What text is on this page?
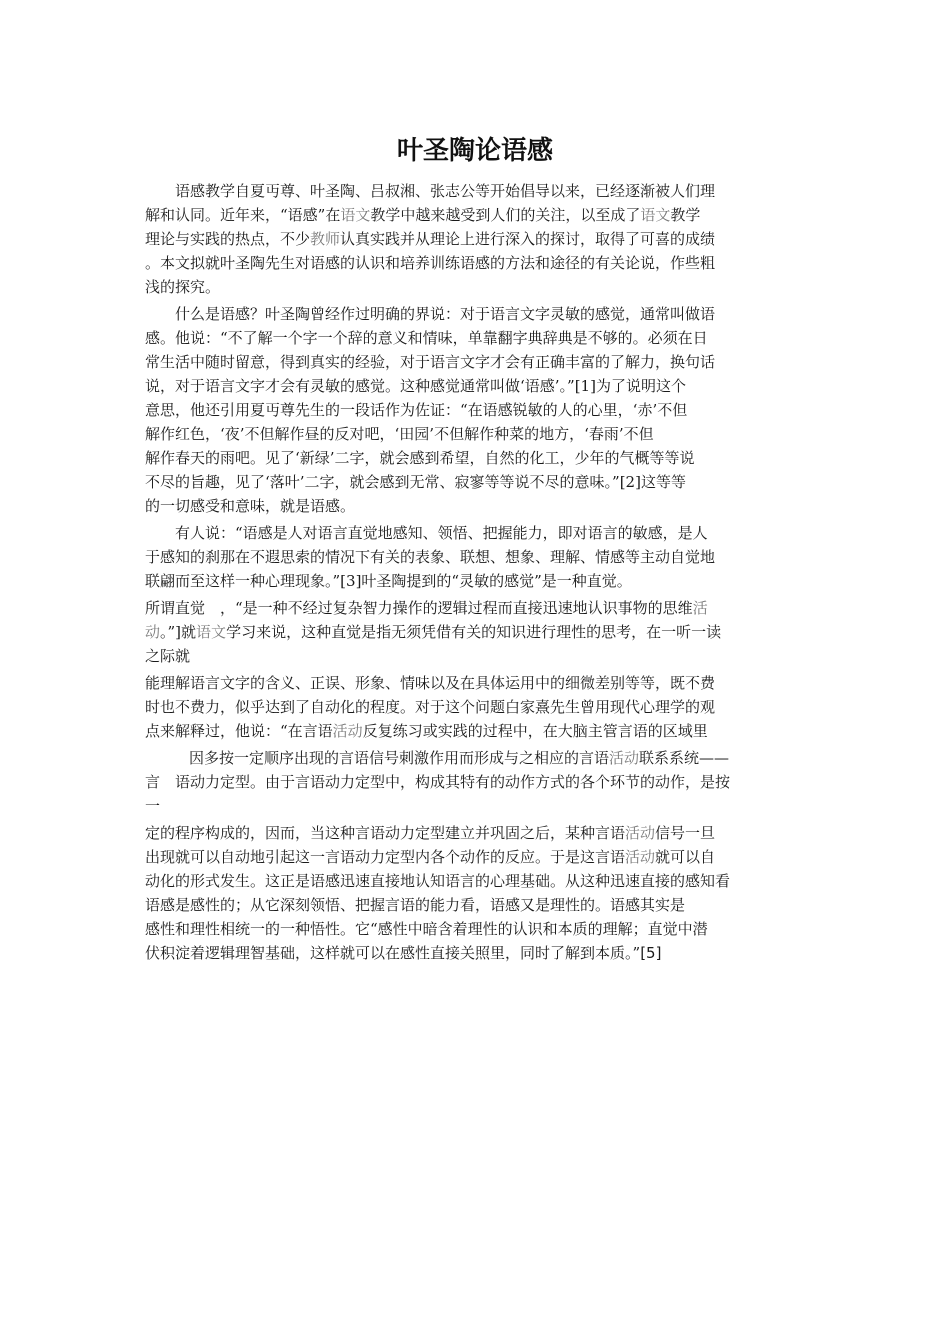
叶圣陶论语感
语感教学自夏丏尊、叶圣陶、吕叔湘、张志公等开始倡导以来，已经逐渐被人们理
解和认同。近年来，“语感”在语文教学中越来越受到人们的关注，以至成了语文教学
理论与实践的热点，不少教师认真实践并从理论上进行深入的探讨，取得了可喜的成绩
。本文拟就叶圣陶先生对语感的认识和培养训练语感的方法和途径的有关论说，作些粗
浅的探究。
什么是语感？叶圣陶曾经作过明确的界说：对于语言文字灵敏的感觉，通常叫做语
感。他说：“不了解一个字一个辞的意义和情味，单靠翻字典辞典是不够的。必须在日
常生活中随时留意，得到真实的经验，对于语言文字才会有正确丰富的了解力，换句话
说，对于语言文字才会有灵敏的感觉。这种感觉通常叫做‘语感’。”[1]为了说明这个
意思，他还引用夏丏尊先生的一段话作为佐证：“在语感锐敏的人的心里，‘赤’不但
解作红色，‘夜’不但解作昼的反对吧，‘田园’不但解作种菜的地方，‘春雨’不但
解作春天的雨吧。见了‘新绿’二字，就会感到希望，自然的化工，少年的气概等等说
不尽的旨趣，见了‘落叶’二字，就会感到无常、寂寥等等说不尽的意味。”[2]这等等
的一切感受和意味，就是语感。
有人说：“语感是人对语言直觉地感知、领悟、把握能力，即对语言的敏感，是人
于感知的刹那在不遐思索的情况下有关的表象、联想、想象、理解、情感等主动自觉地
联翩而至这样一种心理现象。”[3]叶圣陶提到的“灵敏的感觉”是一种直觉。
所谓直觉　，“是一种不经过复杂智力操作的逻辑过程而直接迅速地认识事物的思维活
动。”]就语文学习来说，这种直觉是指无须凭借有关的知识进行理性的思考，在一听一读
之际就
能理解语言文字的含义、正误、形象、情味以及在具体运用中的细微差别等等，既不费
时也不费力，似乎达到了自动化的程度。对于这个问题白家熹先生曾用现代心理学的观
点来解释过，他说：“在言语活动反复练习或实践的过程中，在大脑主管言语的区域里
因多按一定顺序出现的言语信号刺激作用而形成与之相应的言语活动联系系统——
言　语动力定型。由于言语动力定型中，构成其特有的动作方式的各个环节的动作，是按
一
定的程序构成的，因而，当这种言语动力定型建立并巩固之后，某种言语活动信号一旦
出现就可以自动地引起这一言语动力定型内各个动作的反应。于是这言语活动就可以自
动化的形式发生。这正是语感迅速直接地认知语言的心理基础。从这种迅速直接的感知看
语感是感性的；从它深刻领悟、把握言语的能力看，语感又是理性的。语感其实是
感性和理性相统一的一种悟性。它“感性中暗含着理性的认识和本质的理解；直觉中潜
伏积淀着逻辑理智基础，这样就可以在感性直接关照里，同时了解到本质。”[5]
